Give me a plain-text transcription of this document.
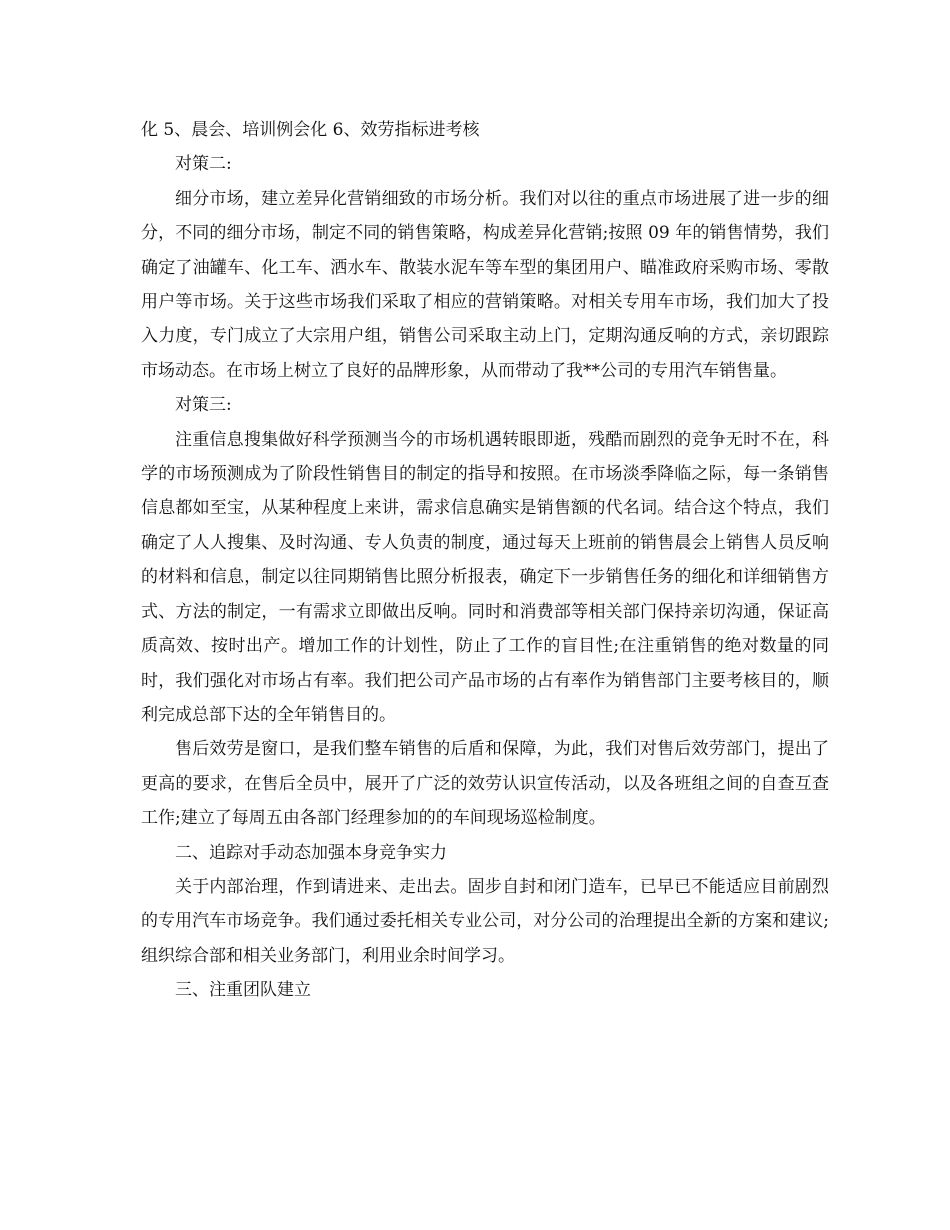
化 5、晨会、培训例会化 6、效劳指标进考核

对策二:

细分市场，建立差异化营销细致的市场分析。我们对以往的重点市场进展了进一步的细分，不同的细分市场，制定不同的销售策略，构成差异化营销;按照 09 年的销售情势，我们确定了油罐车、化工车、洒水车、散装水泥车等车型的集团用户、瞄准政府采购市场、零散用户等市场。关于这些市场我们采取了相应的营销策略。对相关专用车市场，我们加大了投入力度，专门成立了大宗用户组，销售公司采取主动上门，定期沟通反响的方式，亲切跟踪市场动态。在市场上树立了良好的品牌形象，从而带动了我**公司的专用汽车销售量。

对策三:

注重信息搜集做好科学预测当今的市场机遇转眼即逝，残酷而剧烈的竞争无时不在，科学的市场预测成为了阶段性销售目的制定的指导和按照。在市场淡季降临之际，每一条销售信息都如至宝，从某种程度上来讲，需求信息确实是销售额的代名词。结合这个特点，我们确定了人人搜集、及时沟通、专人负责的制度，通过每天上班前的销售晨会上销售人员反响的材料和信息，制定以往同期销售比照分析报表，确定下一步销售任务的细化和详细销售方式、方法的制定，一有需求立即做出反响。同时和消费部等相关部门保持亲切沟通，保证高质高效、按时出产。增加工作的计划性，防止了工作的盲目性;在注重销售的绝对数量的同时，我们强化对市场占有率。我们把公司产品市场的占有率作为销售部门主要考核目的，顺利完成总部下达的全年销售目的。

售后效劳是窗口，是我们整车销售的后盾和保障，为此，我们对售后效劳部门，提出了更高的要求，在售后全员中，展开了广泛的效劳认识宣传活动，以及各班组之间的自查互查工作;建立了每周五由各部门经理参加的的车间现场巡检制度。

二、追踪对手动态加强本身竞争实力

关于内部治理，作到请进来、走出去。固步自封和闭门造车，已早已不能适应目前剧烈的专用汽车市场竞争。我们通过委托相关专业公司，对分公司的治理提出全新的方案和建议;组织综合部和相关业务部门，利用业余时间学习。

三、注重团队建立
